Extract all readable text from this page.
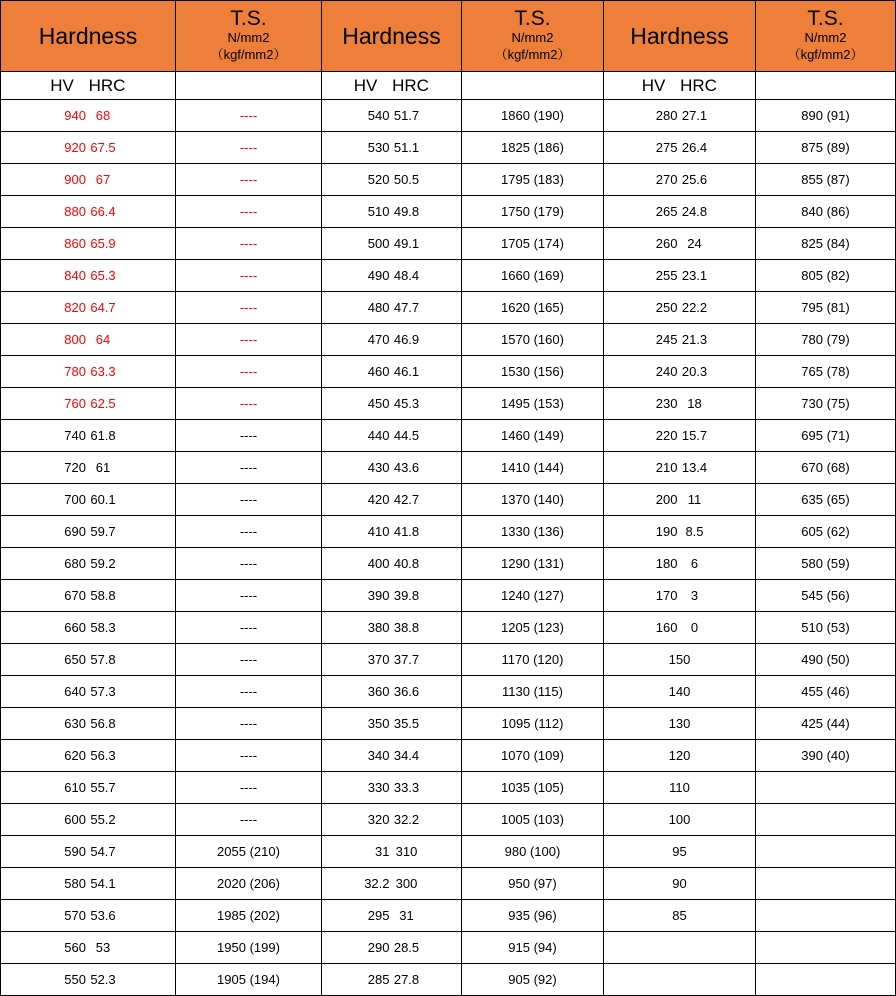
Hardness	T.S.
N/mm2
（kgf/mm2）	Hardness	T.S.
N/mm2
（kgf/mm2）	Hardness	T.S.
N/mm2
（kgf/mm2）

HV HRC		HV HRC		HV HRC	
940 68	----	540 51.7	1860 (190)	280 27.1	890 (91)
920 67.5	----	530 51.1	1825 (186)	275 26.4	875 (89)
900 67	----	520 50.5	1795 (183)	270 25.6	855 (87)
880 66.4	----	510 49.8	1750 (179)	265 24.8	840 (86)
860 65.9	----	500 49.1	1705 (174)	260 24	825 (84)
840 65.3	----	490 48.4	1660 (169)	255 23.1	805 (82)
820 64.7	----	480 47.7	1620 (165)	250 22.2	795 (81)
800 64	----	470 46.9	1570 (160)	245 21.3	780 (79)
780 63.3	----	460 46.1	1530 (156)	240 20.3	765 (78)
760 62.5	----	450 45.3	1495 (153)	230 18	730 (75)
740 61.8	----	440 44.5	1460 (149)	220 15.7	695 (71)
720 61	----	430 43.6	1410 (144)	210 13.4	670 (68)
700 60.1	----	420 42.7	1370 (140)	200 11	635 (65)
690 59.7	----	410 41.8	1330 (136)	190 8.5	605 (62)
680 59.2	----	400 40.8	1290 (131)	180 6	580 (59)
670 58.8	----	390 39.8	1240 (127)	170 3	545 (56)
660 58.3	----	380 38.8	1205 (123)	160 0	510 (53)
650 57.8	----	370 37.7	1170 (120)	150	490 (50)
640 57.3	----	360 36.6	1130 (115)	140	455 (46)
630 56.8	----	350 35.5	1095 (112)	130	425 (44)
620 56.3	----	340 34.4	1070 (109)	120	390 (40)
610 55.7	----	330 33.3	1035 (105)	110	
600 55.2	----	320 32.2	1005 (103)	100	
590 54.7	2055 (210)	31 310	980 (100)	95	
580 54.1	2020 (206)	32.2 300	950 (97)	90	
570 53.6	1985 (202)	295 31	935 (96)	85	
560 53	1950 (199)	290 28.5	915 (94)		
550 52.3	1905 (194)	285 27.8	905 (92)		
